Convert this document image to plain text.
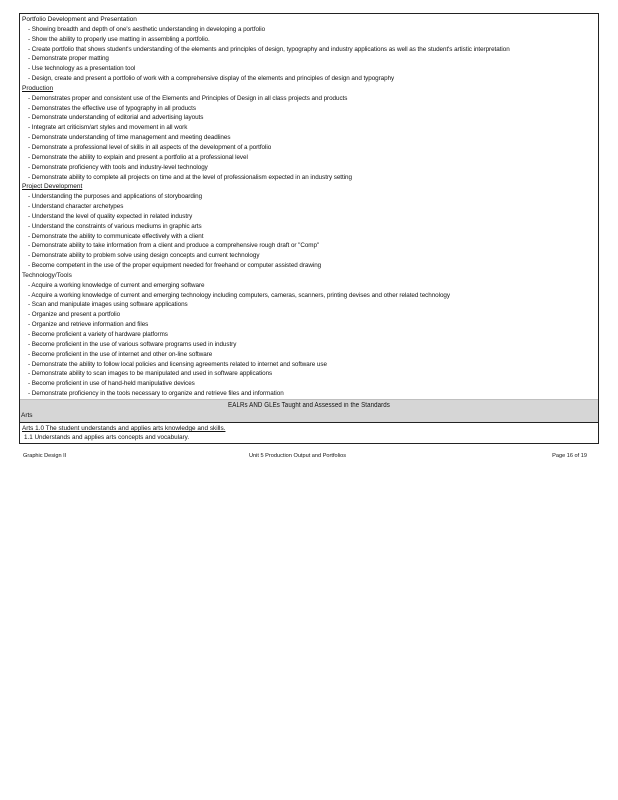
Portfolio Development and Presentation
- Showing breadth and depth of one's aesthetic understanding in developing a portfolio
- Show the ability to properly use matting in assembling a portfolio.
- Create portfolio that shows student's understanding of the elements and principles of design, typography and industry applications as well as the student's artistic interpretation
- Demonstrate proper matting
- Use technology as a presentation tool
- Design, create and present a portfolio of work with a comprehensive display of the elements and principles of design and typography
Production
- Demonstrates proper and consistent use of the Elements and Principles of Design in all class projects and products
- Demonstrates the effective use of typography in all products
- Demonstrate understanding of editorial and advertising layouts
- Integrate art criticism/art styles and movement in all work
- Demonstrate understanding of time management and meeting deadlines
- Demonstrate a professional level of skills in all aspects of the development of a portfolio
- Demonstrate the ability to explain and present a portfolio at a professional level
- Demonstrate proficiency with tools and industry-level technology
- Demonstrate ability to complete all projects on time and at the level of professionalism expected in an industry setting
Project Development
- Understanding the purposes and applications of storyboarding
- Understand character archetypes
- Understand the level of quality expected in related industry
- Understand the constraints of various mediums in graphic arts
- Demonstrate the ability to communicate effectively with a client
- Demonstrate ability to take information from a client and produce a comprehensive rough draft or "Comp"
- Demonstrate ability to problem solve using design concepts and current technology
- Become competent in the use of the proper equipment needed for freehand or computer assisted drawing
Technology/Tools
- Acquire a working knowledge of current and emerging software
- Acquire a working knowledge of current and emerging technology including computers, cameras, scanners, printing devises and other related technology
- Scan and manipulate images using software applications
- Organize and present a portfolio
- Organize and retrieve information and files
- Become proficient a variety of hardware platforms
- Become proficient in the use of various software programs used in industry
- Become proficient in the use of internet and other on-line software
- Demonstrate the ability to follow local policies and licensing agreements related to internet and software use
- Demonstrate ability to scan images to be manipulated and used in software applications
- Become proficient in use of hand-held manipulative devices
- Demonstrate proficiency in the tools necessary to organize and retrieve files and information
EALRs AND GLEs Taught and Assessed in the Standards
Arts
Arts 1.0 The student understands and applies arts knowledge and skills.
1.1 Understands and applies arts concepts and vocabulary.
Graphic Design II	Unit 5 Production Output and Portfolios	Page 16 of 19
